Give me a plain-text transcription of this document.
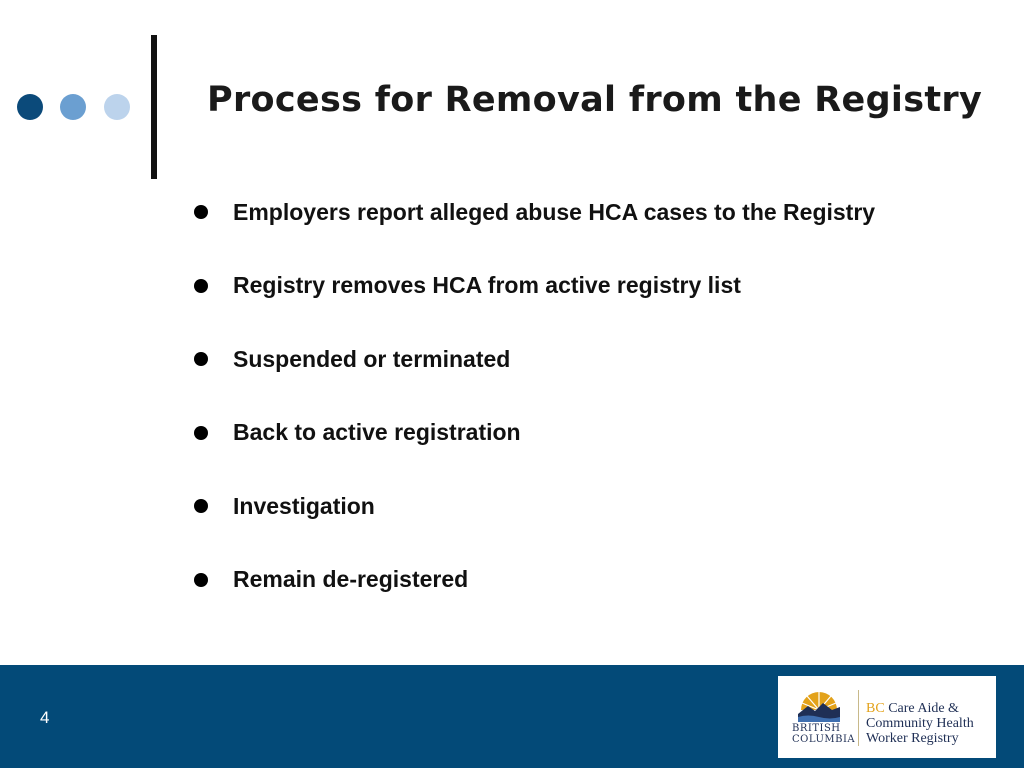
Process for Removal from the Registry
Employers report alleged abuse HCA cases to the Registry
Registry removes HCA from active registry list
Suspended or terminated
Back to active registration
Investigation
Remain de-registered
4
BRITISH
COLUMBIA
BC Care Aide &
Community Health
Worker Registry
